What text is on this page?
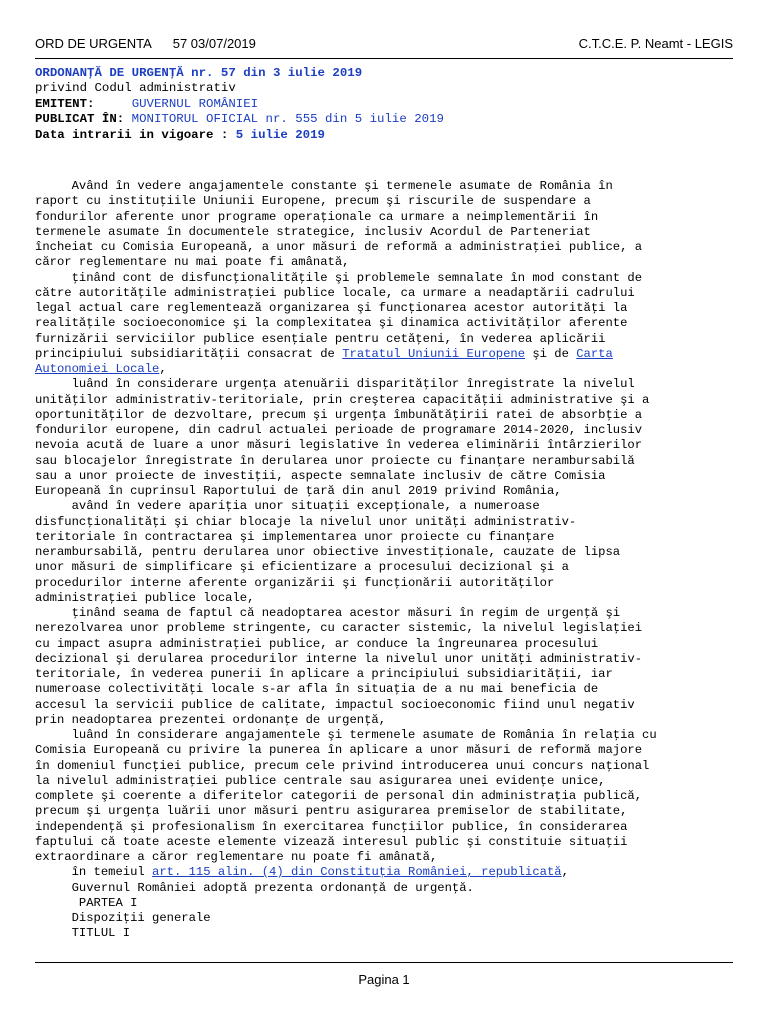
ORD DE URGENTA 57 03/07/2019	C.T.C.E. P. Neamt - LEGIS
ORDONANŢĂ DE URGENŢĂ nr. 57 din 3 iulie 2019
privind Codul administrativ
EMITENT:	GUVERNUL ROMÂNIEI
PUBLICAT ÎN: MONITORUL OFICIAL nr. 555 din 5 iulie 2019
Data intrarii in vigoare : 5 iulie 2019
Având în vedere angajamentele constante şi termenele asumate de România în
raport cu instituţiile Uniunii Europene, precum şi riscurile de suspendare a
fondurilor aferente unor programe operaţionale ca urmare a neimplementării în
termenele asumate în documentele strategice, inclusiv Acordul de Parteneriat
încheiat cu Comisia Europeană, a unor măsuri de reformă a administraţiei publice, a
căror reglementare nu mai poate fi amânată,
ţinând cont de disfuncţionalităţile şi problemele semnalate în mod constant de
către autorităţile administraţiei publice locale, ca urmare a neadaptării cadrului
legal actual care reglementează organizarea şi funcţionarea acestor autorităţi la
realităţile socioeconomice şi la complexitatea şi dinamica activităţilor aferente
furnizării serviciilor publice esenţiale pentru cetăţeni, în vederea aplicării
principiului subsidiarităţii consacrat de Tratatul Uniunii Europene şi de Carta
Autonomiei Locale,
luând în considerare urgenţa atenuării disparităţilor înregistrate la nivelul
unităţilor administrativ-teritoriale, prin creşterea capacităţii administrative şi a
oportunităţilor de dezvoltare, precum şi urgenţa îmbunătăţirii ratei de absorbţie a
fondurilor europene, din cadrul actualei perioade de programare 2014-2020, inclusiv
nevoia acută de luare a unor măsuri legislative în vederea eliminării întârzierilor
sau blocajelor înregistrate în derularea unor proiecte cu finanţare nerambursabilă
sau a unor proiecte de investiţii, aspecte semnalate inclusiv de către Comisia
Europeană în cuprinsul Raportului de ţară din anul 2019 privind România,
având în vedere apariţia unor situaţii excepţionale, a numeroase
disfuncţionalităţi şi chiar blocaje la nivelul unor unităţi administrativ-
teritoriale în contractarea şi implementarea unor proiecte cu finanţare
nerambursabilă, pentru derularea unor obiective investiţionale, cauzate de lipsa
unor măsuri de simplificare şi eficientizare a procesului decizional şi a
procedurilor interne aferente organizării şi funcţionării autorităţilor
administraţiei publice locale,
ţinând seama de faptul că neadoptarea acestor măsuri în regim de urgenţă şi
nerezolvarea unor probleme stringente, cu caracter sistemic, la nivelul legislaţiei
cu impact asupra administraţiei publice, ar conduce la îngreunarea procesului
decizional şi derularea procedurilor interne la nivelul unor unităţi administrativ-
teritoriale, în vederea punerii în aplicare a principiului subsidiarităţii, iar
numeroase colectivităţi locale s-ar afla în situaţia de a nu mai beneficia de
accesul la servicii publice de calitate, impactul socioeconomic fiind unul negativ
prin neadoptarea prezentei ordonanţe de urgenţă,
luând în considerare angajamentele şi termenele asumate de România în relaţia cu
Comisia Europeană cu privire la punerea în aplicare a unor măsuri de reformă majore
în domeniul funcţiei publice, precum cele privind introducerea unui concurs naţional
la nivelul administraţiei publice centrale sau asigurarea unei evidenţe unice,
complete şi coerente a diferitelor categorii de personal din administraţia publică,
precum şi urgenţa luării unor măsuri pentru asigurarea premiselor de stabilitate,
independenţă şi profesionalism în exercitarea funcţiilor publice, în considerarea
faptului că toate aceste elemente vizează interesul public şi constituie situaţii
extraordinare a căror reglementare nu poate fi amânată,
în temeiul art. 115 alin. (4) din Constituţia României, republicată,
Guvernul României adoptă prezenta ordonanţă de urgenţă.
PARTEA I
Dispoziţii generale
TITLUL I
Pagina 1
